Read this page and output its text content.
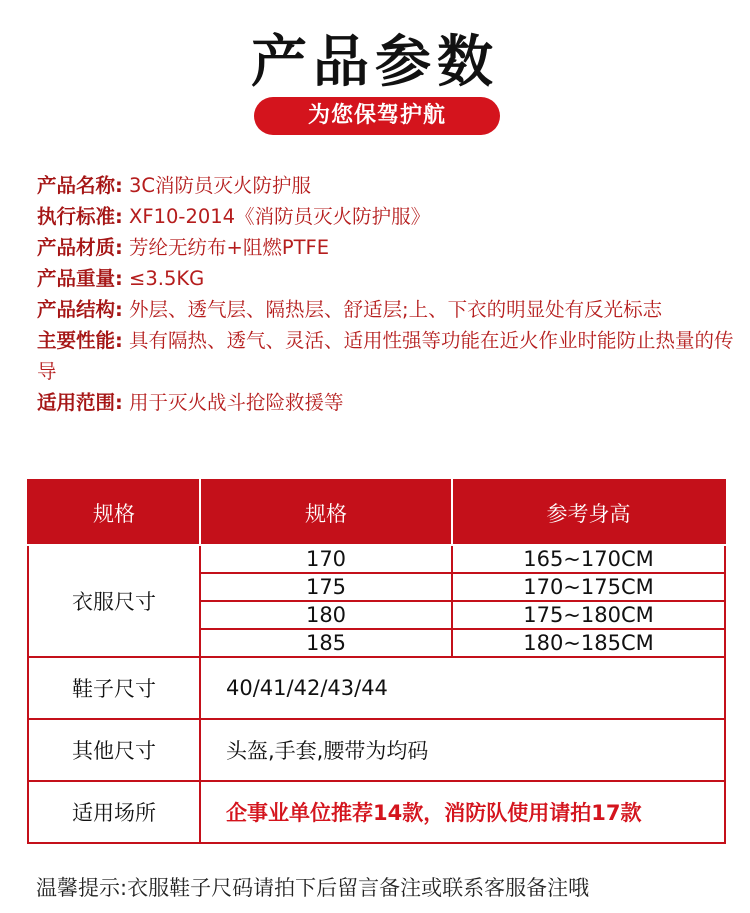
产品参数
为您保驾护航
产品名称: 3C消防员灭火防护服
执行标准: XF10-2014《消防员灭火防护服》
产品材质: 芳纶无纺布+阻燃PTFE
产品重量: ≤3.5KG
产品结构: 外层、透气层、隔热层、舒适层;上、下衣的明显处有反光标志
主要性能: 具有隔热、透气、灵活、适用性强等功能在近火作业时能防止热量的传导
适用范围: 用于灭火战斗抢险救援等
规格	规格	参考身高
衣服尺寸	170	165~170CM
	175	170~175CM
	180	175~180CM
	185	180~185CM
鞋子尺寸	40/41/42/43/44	
其他尺寸	头盔,手套,腰带为均码	
适用场所	企事业单位推荐14款，消防队使用请拍17款	
温馨提示:衣服鞋子尺码请拍下后留言备注或联系客服备注哦
